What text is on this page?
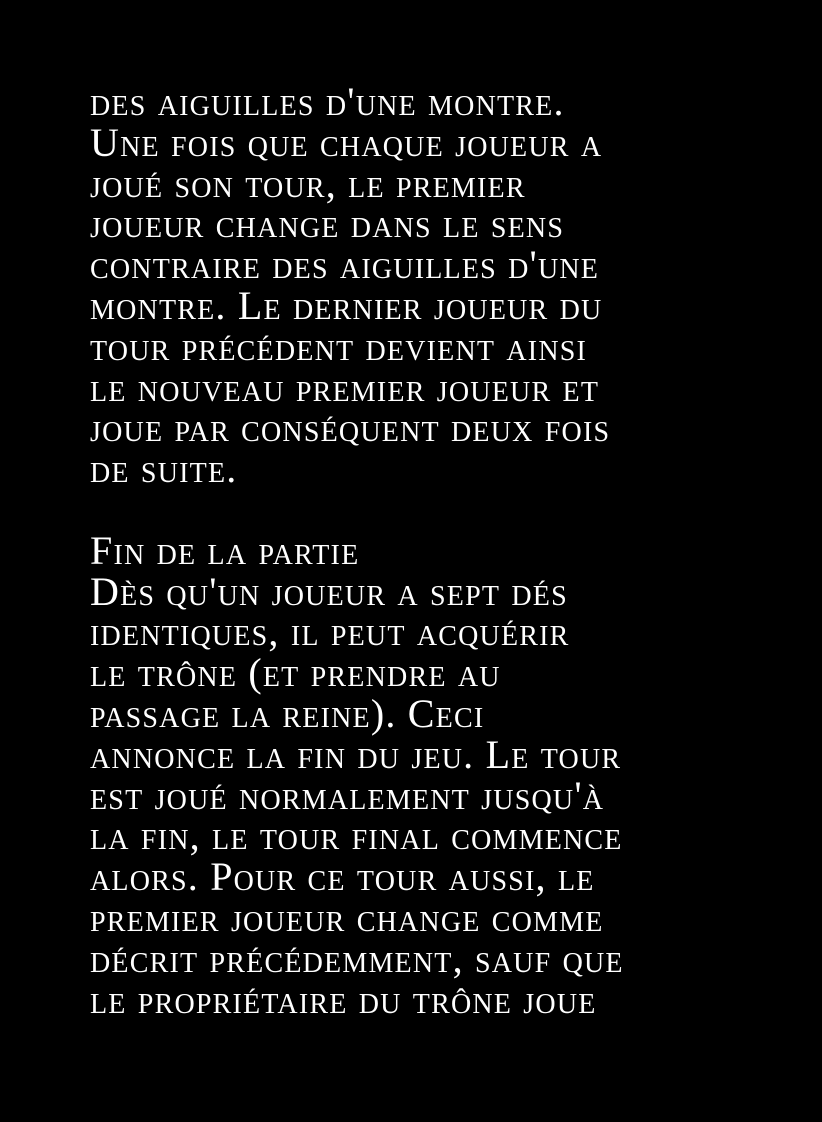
des aiguilles d'une montre.
Une fois que chaque joueur a
joué son tour, le premier
joueur change dans le sens
contraire des aiguilles d'une
montre. Le dernier joueur du
tour précédent devient ainsi
le nouveau premier joueur et
joue par conséquent deux fois
de suite.
Fin de la partie
Dès qu'un joueur a sept dés
identiques, il peut acquérir
le trône (et prendre au
passage la reine). Ceci
annonce la fin du jeu. Le tour
est joué normalement jusqu'à
la fin, le tour final commence
alors. Pour ce tour aussi, le
premier joueur change comme
décrit précédemment, sauf que
le propriétaire du trône joue
